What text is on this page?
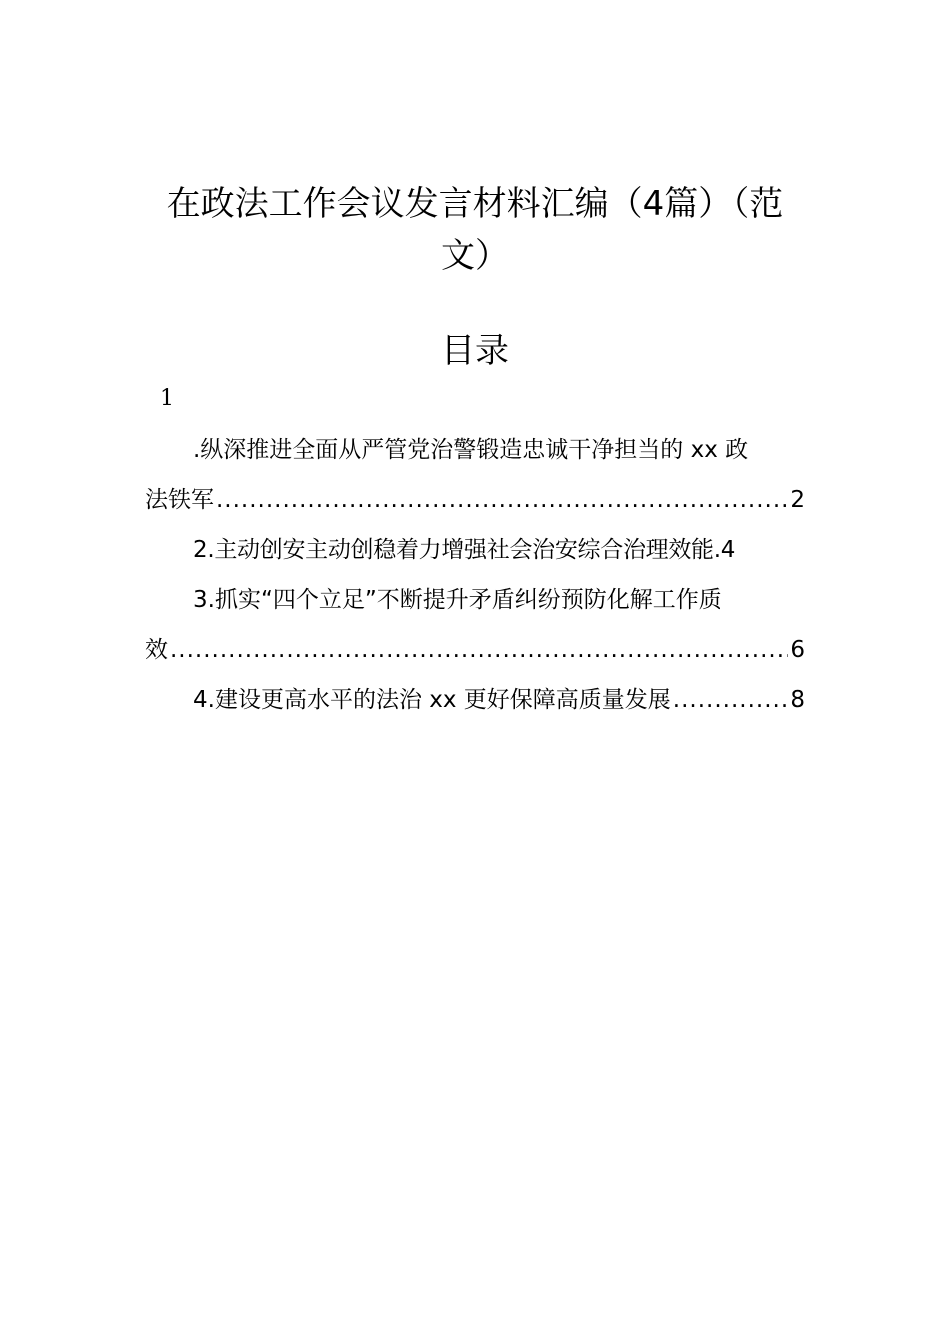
在政法工作会议发言材料汇编（4篇）（范文）
目录
1
.纵深推进全面从严管党治警锻造忠诚干净担当的 xx 政
法铁军 .....	2
2.主动创安主动创稳着力增强社会治安综合治理效能.4
3.抓实“四个立足”不断提升矛盾纠纷预防化解工作质
效 .....	6
4.建设更高水平的法治 xx 更好保障高质量发展 .....	8
